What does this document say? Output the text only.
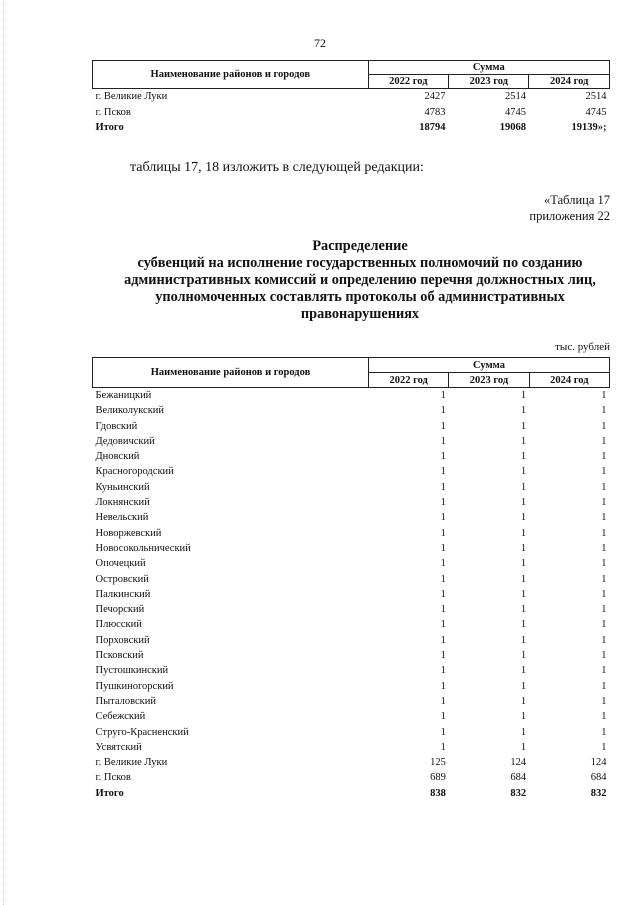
72
Наименование районов и городов	Сумма		
	2022 год	2023 год	2024 год
г. Великие Луки	2427	2514	2514
г. Псков	4783	4745	4745
Итого	18794	19068	19139»;
таблицы 17, 18 изложить в следующей редакции:
«Таблица 17
приложения 22
Распределение
субвенций на исполнение государственных полномочий по созданию
административных комиссий и определению перечня должностных лиц,
уполномоченных составлять протоколы об административных
правонарушениях
тыс. рублей
Наименование районов и городов	Сумма		
	2022 год	2023 год	2024 год
Бежаницкий	1	1	1
Великолукский	1	1	1
Гдовский	1	1	1
Дедовичский	1	1	1
Дновский	1	1	1
Красногородский	1	1	1
Куньинский	1	1	1
Локнянский	1	1	1
Невельский	1	1	1
Новоржевский	1	1	1
Новосокольнический	1	1	1
Опочецкий	1	1	1
Островский	1	1	1
Палкинский	1	1	1
Печорский	1	1	1
Плюсский	1	1	1
Порховский	1	1	1
Псковский	1	1	1
Пустошкинский	1	1	1
Пушкиногорский	1	1	1
Пыталовский	1	1	1
Себежский	1	1	1
Струго-Красненский	1	1	1
Усвятский	1	1	1
г. Великие Луки	125	124	124
г. Псков	689	684	684
Итого	838	832	832
